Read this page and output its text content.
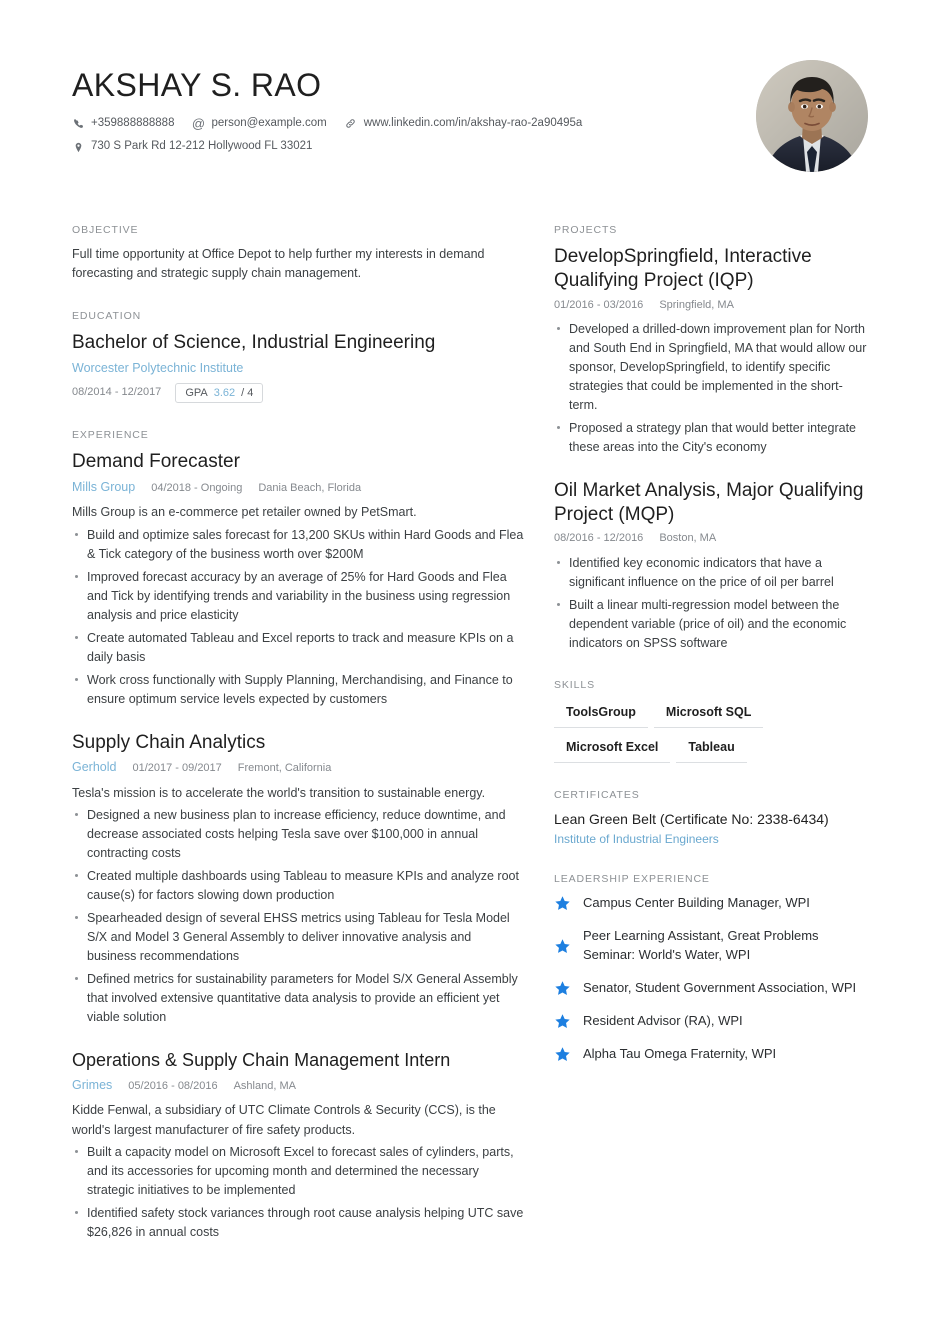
AKSHAY S. RAO
+359888888888 @ person@example.com	www.linkedin.com/in/akshay-rao-2a90495a
730 S Park Rd 12-212 Hollywood FL 33021
OBJECTIVE

Full time opportunity at Office Depot to help further my interests in demand forecasting and strategic supply chain management.

EDUCATION
Bachelor of Science, Industrial Engineering
Worcester Polytechnic Institute
08/2014 - 12/2017 GPA 3.62 / 4
EXPERIENCE
Demand Forecaster
Mills Group 04/2018 - Ongoing Dania Beach, Florida

Mills Group is an e-commerce pet retailer owned by PetSmart.

Build and optimize sales forecast for 13,200 SKUs within Hard Goods and Flea & Tick category of the business worth over $200M
Improved forecast accuracy by an average of 25% for Hard Goods and Flea and Tick by identifying trends and variability in the business using regression analysis and price elasticity
Create automated Tableau and Excel reports to track and measure KPIs on a daily basis
Work cross functionally with Supply Planning, Merchandising, and Finance to ensure optimum service levels expected by customers
Supply Chain Analytics
Gerhold 01/2017 - 09/2017 Fremont, California

Tesla's mission is to accelerate the world's transition to sustainable energy.

Designed a new business plan to increase efficiency, reduce downtime, and decrease associated costs helping Tesla save over $100,000 in annual contracting costs
Created multiple dashboards using Tableau to measure KPIs and analyze root cause(s) for factors slowing down production
Spearheaded design of several EHSS metrics using Tableau for Tesla Model S/X and Model 3 General Assembly to deliver innovative analysis and business recommendations
Defined metrics for sustainability parameters for Model S/X General Assembly that involved extensive quantitative data analysis to provide an efficient yet viable solution
Operations & Supply Chain Management Intern
Grimes 05/2016 - 08/2016 Ashland, MA

Kidde Fenwal, a subsidiary of UTC Climate Controls & Security (CCS), is the world's largest manufacturer of fire safety products.

Built a capacity model on Microsoft Excel to forecast sales of cylinders, parts, and its accessories for upcoming month and determined the necessary strategic initiatives to be implemented
Identified safety stock variances through root cause analysis helping UTC save $26,826 in annual costs
PROJECTS
DevelopSpringfield, Interactive Qualifying Project (IQP)
01/2016 - 03/2016 Springfield, MA
Developed a drilled-down improvement plan for North and South End in Springfield, MA that would allow our sponsor, DevelopSpringfield, to identify specific strategies that could be implemented in the short-term.
Proposed a strategy plan that would better integrate these areas into the City's economy
Oil Market Analysis, Major Qualifying Project (MQP)
08/2016 - 12/2016 Boston, MA
Identified key economic indicators that have a significant influence on the price of oil per barrel
Built a linear multi-regression model between the dependent variable (price of oil) and the economic indicators on SPSS software
SKILLS
ToolsGroup	Microsoft SQL
Microsoft Excel	Tableau
CERTIFICATES
Lean Green Belt (Certificate No: 2338-6434)
Institute of Industrial Engineers
LEADERSHIP EXPERIENCE
Campus Center Building Manager, WPI
Peer Learning Assistant, Great Problems Seminar: World's Water, WPI
Senator, Student Government Association, WPI
Resident Advisor (RA), WPI
Alpha Tau Omega Fraternity, WPI
